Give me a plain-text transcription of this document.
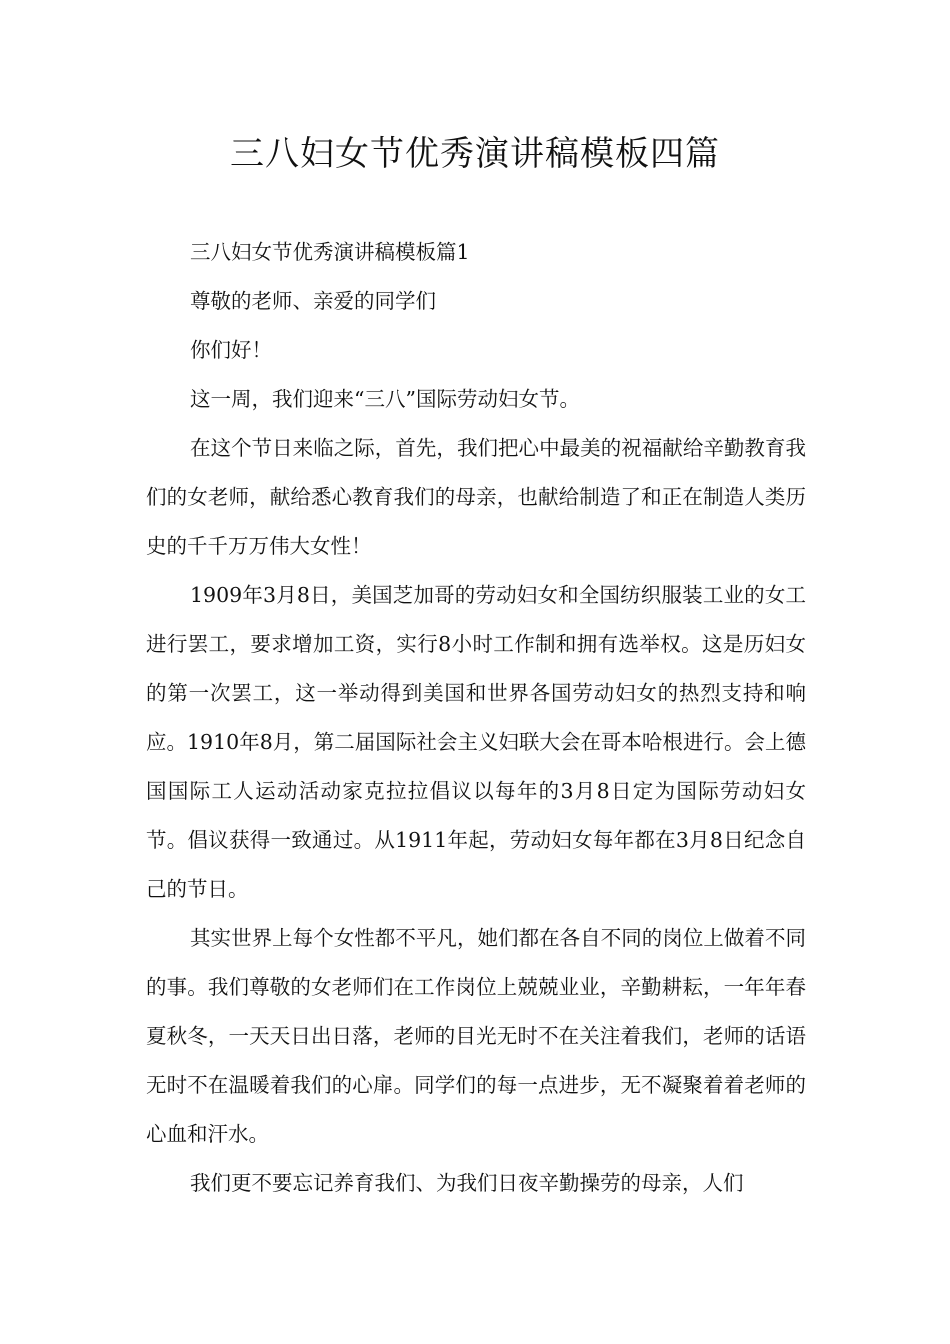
三八妇女节优秀演讲稿模板四篇

三八妇女节优秀演讲稿模板篇1

尊敬的老师、亲爱的同学们

你们好！

这一周，我们迎来“三八”国际劳动妇女节。

在这个节日来临之际，首先，我们把心中最美的祝福献给辛勤教育我们的女老师，献给悉心教育我们的母亲，也献给制造了和正在制造人类历史的千千万万伟大女性！

1909年3月8日，美国芝加哥的劳动妇女和全国纺织服装工业的女工进行罢工，要求增加工资，实行8小时工作制和拥有选举权。这是历妇女的第一次罢工，这一举动得到美国和世界各国劳动妇女的热烈支持和响应。1910年8月，第二届国际社会主义妇联大会在哥本哈根进行。会上德国国际工人运动活动家克拉拉倡议以每年的3月8日定为国际劳动妇女节。倡议获得一致通过。从1911年起，劳动妇女每年都在3月8日纪念自己的节日。

其实世界上每个女性都不平凡，她们都在各自不同的岗位上做着不同的事。我们尊敬的女老师们在工作岗位上兢兢业业，辛勤耕耘，一年年春夏秋冬，一天天日出日落，老师的目光无时不在关注着我们，老师的话语无时不在温暖着我们的心扉。同学们的每一点进步，无不凝聚着着老师的心血和汗水。

我们更不要忘记养育我们、为我们日夜辛勤操劳的母亲，人们
